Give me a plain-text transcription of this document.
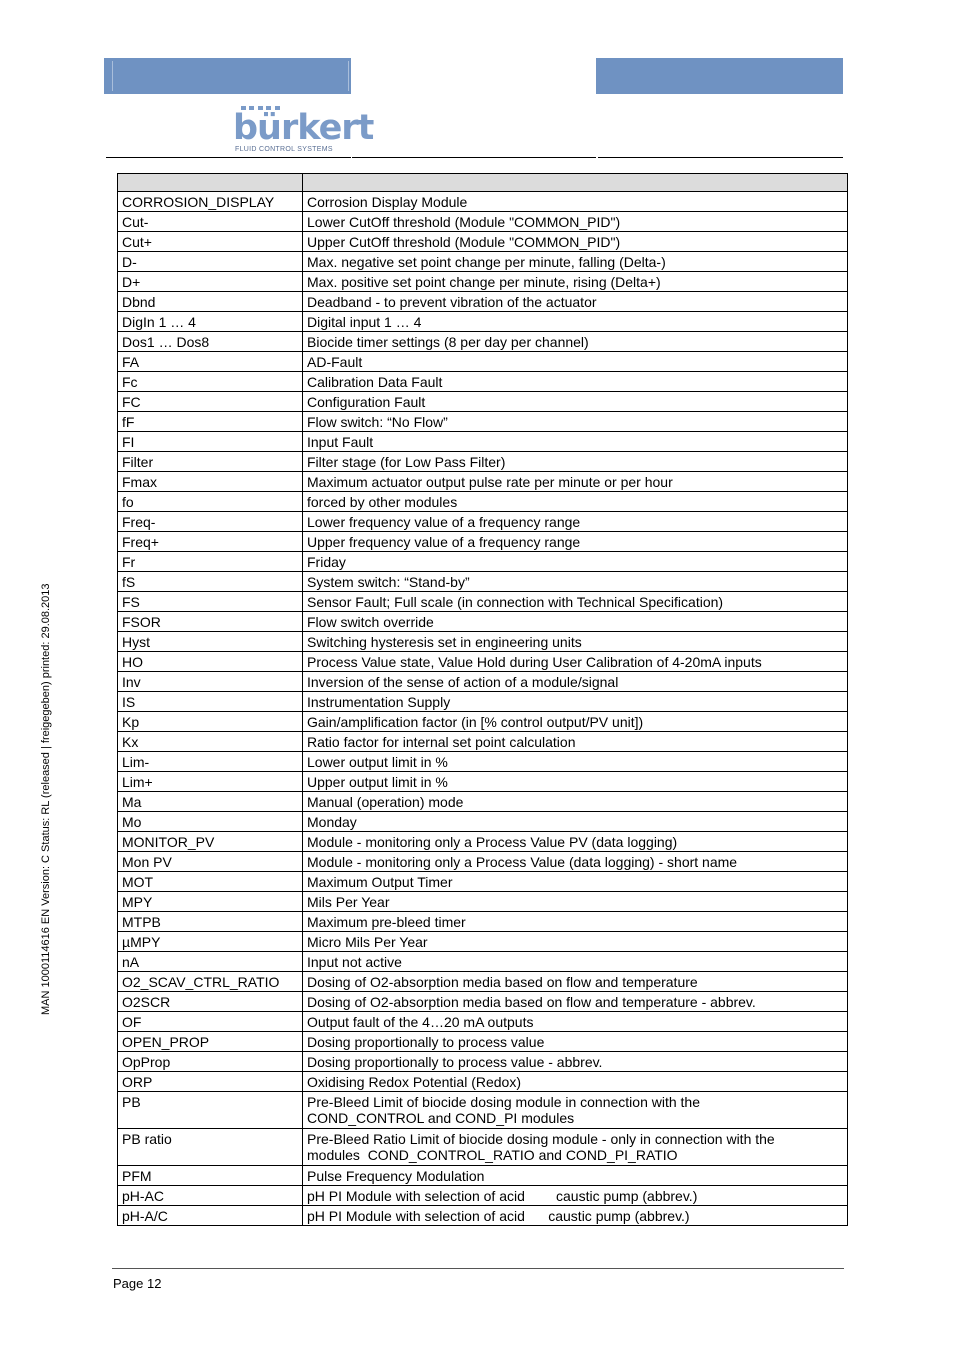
bürkert
FLUID CONTROL SYSTEMS
MAN 1000114616 EN Version: C Status: RL (released | freigegeben) printed: 29.08.2013

CORROSION_DISPLAY	Corrosion Display Module
Cut-	Lower CutOff threshold (Module "COMMON_PID")
Cut+	Upper CutOff threshold (Module "COMMON_PID")
D-	Max. negative set point change per minute, falling (Delta-)
D+	Max. positive set point change per minute, rising (Delta+)
Dbnd	Deadband - to prevent vibration of the actuator
DigIn 1 … 4	Digital input 1 … 4
Dos1 … Dos8	Biocide timer settings (8 per day per channel)
FA	AD-Fault
Fc	Calibration Data Fault
FC	Configuration Fault
fF	Flow switch: “No Flow”
FI	Input Fault
Filter	Filter stage (for Low Pass Filter)
Fmax	Maximum actuator output pulse rate per minute or per hour
fo	forced by other modules
Freq-	Lower frequency value of a frequency range
Freq+	Upper frequency value of a frequency range
Fr	Friday
fS	System switch: “Stand-by”
FS	Sensor Fault; Full scale (in connection with Technical Specification)
FSOR	Flow switch override
Hyst	Switching hysteresis set in engineering units
HO	Process Value state, Value Hold during User Calibration of 4-20mA inputs
Inv	Inversion of the sense of action of a module/signal
IS	Instrumentation Supply
Kp	Gain/amplification factor (in [% control output/PV unit])
Kx	Ratio factor for internal set point calculation
Lim-	Lower output limit in %
Lim+	Upper output limit in %
Ma	Manual (operation) mode
Mo	Monday
MONITOR_PV	Module - monitoring only a Process Value PV (data logging)
Mon PV	Module - monitoring only a Process Value (data logging) - short name
MOT	Maximum Output Timer
MPY	Mils Per Year
MTPB	Maximum pre-bleed timer
µMPY	Micro Mils Per Year
nA	Input not active
O2_SCAV_CTRL_RATIO	Dosing of O2-absorption media based on flow and temperature
O2SCR	Dosing of O2-absorption media based on flow and temperature - abbrev.
OF	Output fault of the 4…20 mA outputs
OPEN_PROP	Dosing proportionally to process value
OpProp	Dosing proportionally to process value - abbrev.
ORP	Oxidising Redox Potential (Redox)
PB	Pre-Bleed Limit of biocide dosing module in connection with the
COND_CONTROL and COND_PI modules
PB ratio	Pre-Bleed Ratio Limit of biocide dosing module - only in connection with the
modules  COND_CONTROL_RATIO and COND_PI_RATIO
PFM	Pulse Frequency Modulation
pH-AC	pH PI Module with selection of acid        caustic pump (abbrev.)
pH-A/C	pH PI Module with selection of acid      caustic pump (abbrev.)
Page 12
